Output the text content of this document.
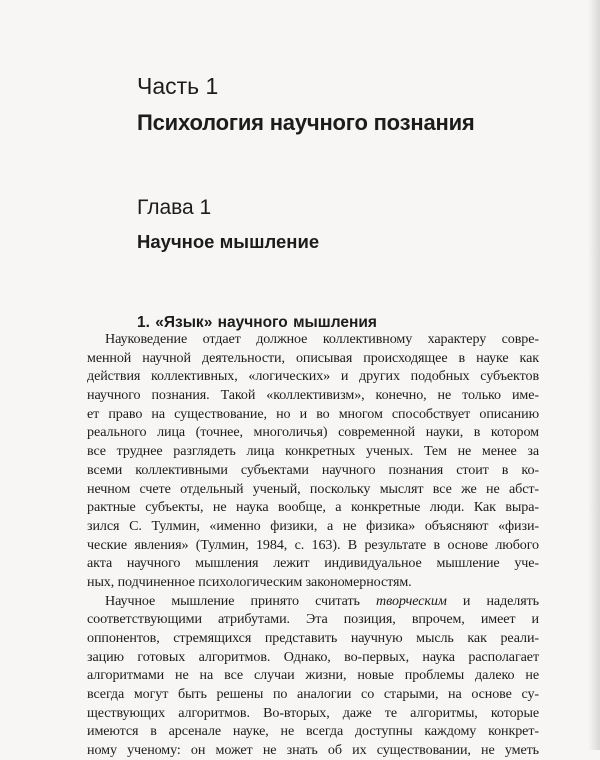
Часть 1
Психология научного познания
Глава 1
Научное мышление
1. «Язык» научного мышления
Науковедение отдает должное коллективному характеру совре-
менной научной деятельности, описывая происходящее в науке как
действия коллективных, «логических» и других подобных субъектов
научного познания. Такой «коллективизм», конечно, не только име-
ет право на существование, но и во многом способствует описанию
реального лица (точнее, многоличья) современной науки, в котором
все труднее разглядеть лица конкретных ученых. Тем не менее за
всеми коллективными субъектами научного познания стоит в ко-
нечном счете отдельный ученый, поскольку мыслят все же не абст-
рактные субъекты, не наука вообще, а конкретные люди. Как выра-
зился С. Тулмин, «именно физики, а не физика» объясняют «физи-
ческие явления» (Тулмин, 1984, с. 163). В результате в основе любого
акта научного мышления лежит индивидуальное мышление уче-
ных, подчиненное психологическим закономерностям.
Научное мышление принято считать творческим и наделять
соответствующими атрибутами. Эта позиция, впрочем, имеет и
оппонентов, стремящихся представить научную мысль как реали-
зацию готовых алгоритмов. Однако, во-первых, наука располагает
алгоритмами не на все случаи жизни, новые проблемы далеко не
всегда могут быть решены по аналогии со старыми, на основе су-
ществующих алгоритмов. Во-вторых, даже те алгоритмы, которые
имеются в арсенале науке, не всегда доступны каждому конкрет-
ному ученому: он может не знать об их существовании, не уметь
